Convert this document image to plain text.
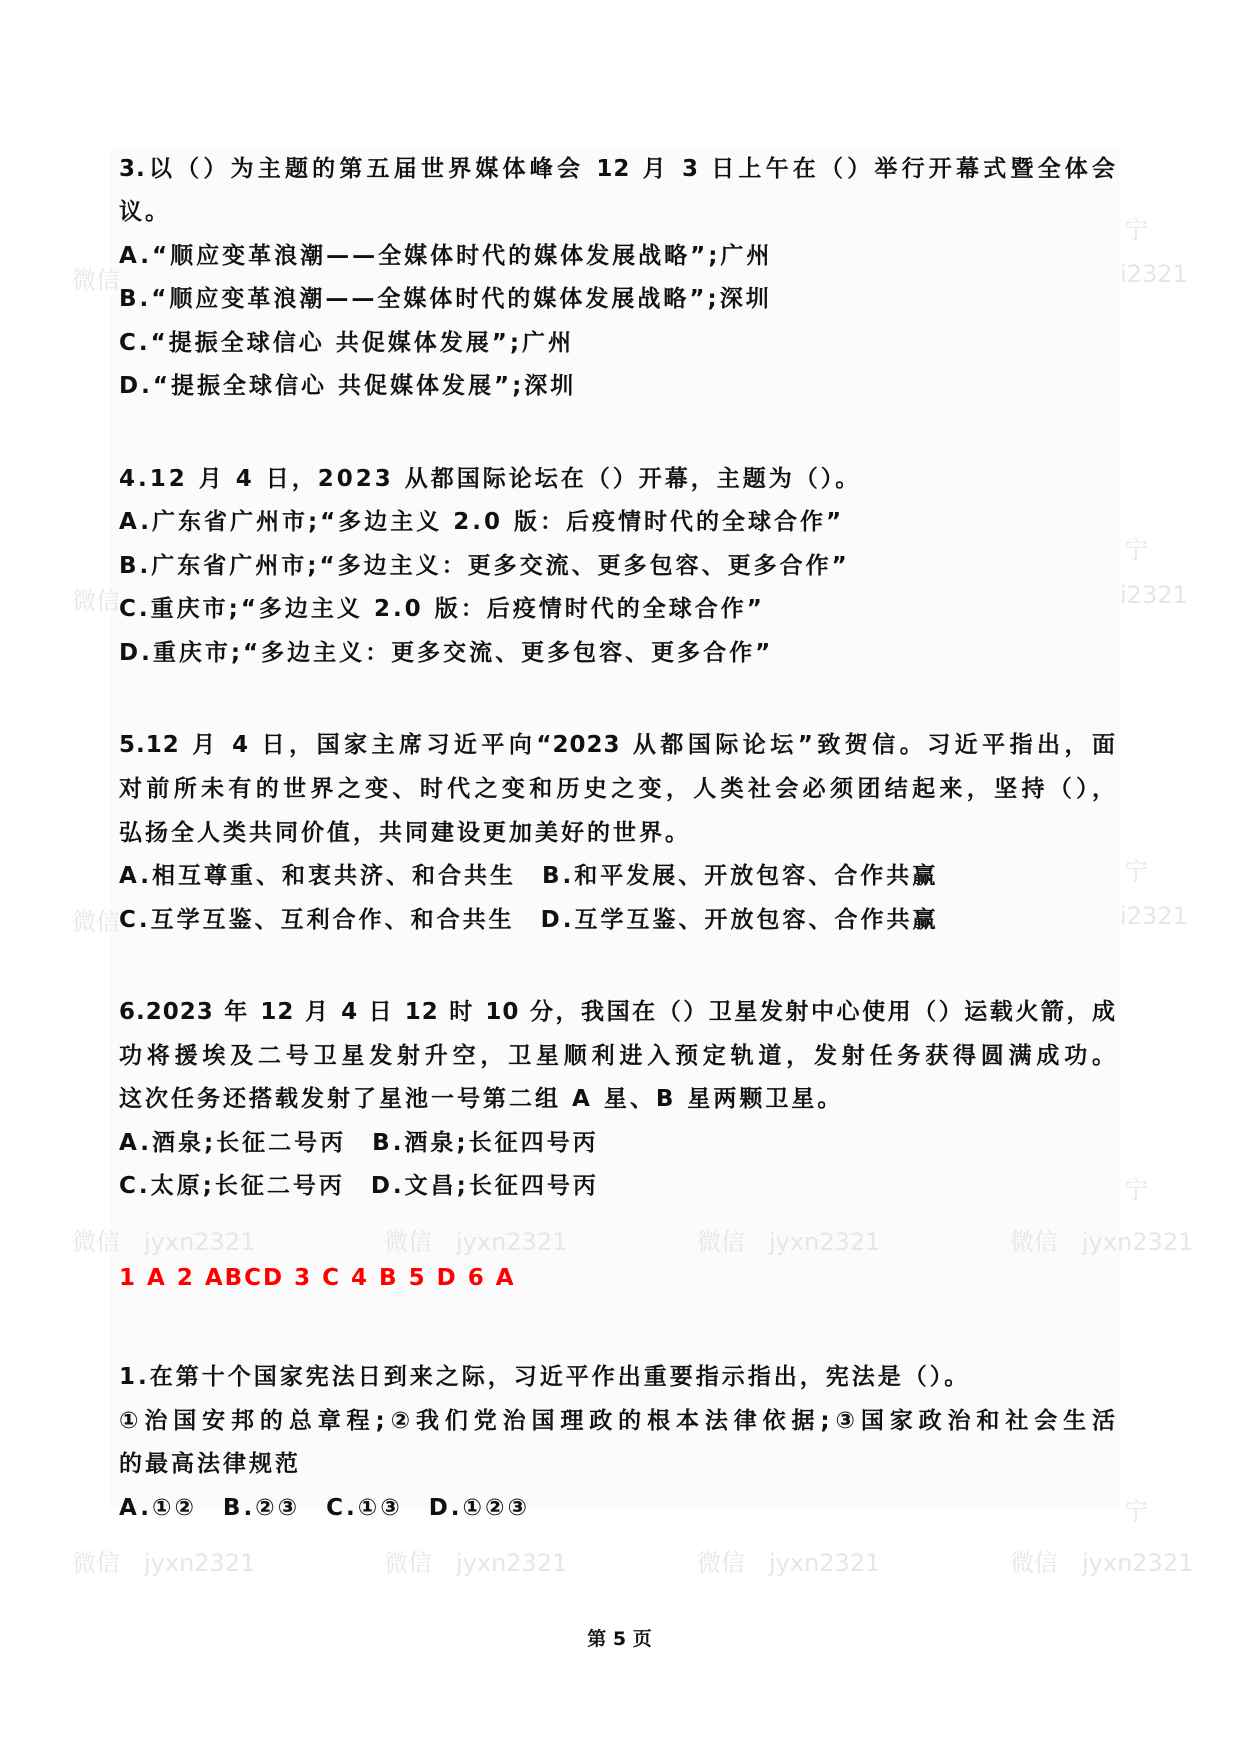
微信
微信
微信
i2321
i2321
i2321
宁
宁
宁
宁
宁
微信　jyxn2321	微信　jyxn2321	微信　jyxn2321	微信　jyxn2321
微信　jyxn2321	微信　jyxn2321	微信　jyxn2321	微信　jyxn2321
3.以（）为主题的第五届世界媒体峰会 12 月 3 日上午在（）举行开幕式暨全体会
议。
A.“顺应变革浪潮——全媒体时代的媒体发展战略”;广州
B.“顺应变革浪潮——全媒体时代的媒体发展战略”;深圳
C.“提振全球信心 共促媒体发展”;广州
D.“提振全球信心 共促媒体发展”;深圳
4.12 月 4 日，2023 从都国际论坛在（）开幕，主题为（）。
A.广东省广州市;“多边主义 2.0 版：后疫情时代的全球合作”
B.广东省广州市;“多边主义：更多交流、更多包容、更多合作”
C.重庆市;“多边主义 2.0 版：后疫情时代的全球合作”
D.重庆市;“多边主义：更多交流、更多包容、更多合作”
5.12 月 4 日，国家主席习近平向“2023 从都国际论坛”致贺信。习近平指出，面
对前所未有的世界之变、时代之变和历史之变，人类社会必须团结起来，坚持（），
弘扬全人类共同价值，共同建设更加美好的世界。
A.相互尊重、和衷共济、和合共生　B.和平发展、开放包容、合作共赢
C.互学互鉴、互利合作、和合共生　D.互学互鉴、开放包容、合作共赢
6.2023 年 12 月 4 日 12 时 10 分，我国在（）卫星发射中心使用（）运载火箭，成
功将援埃及二号卫星发射升空，卫星顺利进入预定轨道，发射任务获得圆满成功。
这次任务还搭载发射了星池一号第二组 A 星、B 星两颗卫星。
A.酒泉;长征二号丙　B.酒泉;长征四号丙
C.太原;长征二号丙　D.文昌;长征四号丙
1 A 2 ABCD 3 C 4 B 5 D 6 A
1.在第十个国家宪法日到来之际，习近平作出重要指示指出，宪法是（）。
①治国安邦的总章程;②我们党治国理政的根本法律依据;③国家政治和社会生活
的最高法律规范
A.①②　B.②③　C.①③　D.①②③
第 5 页
